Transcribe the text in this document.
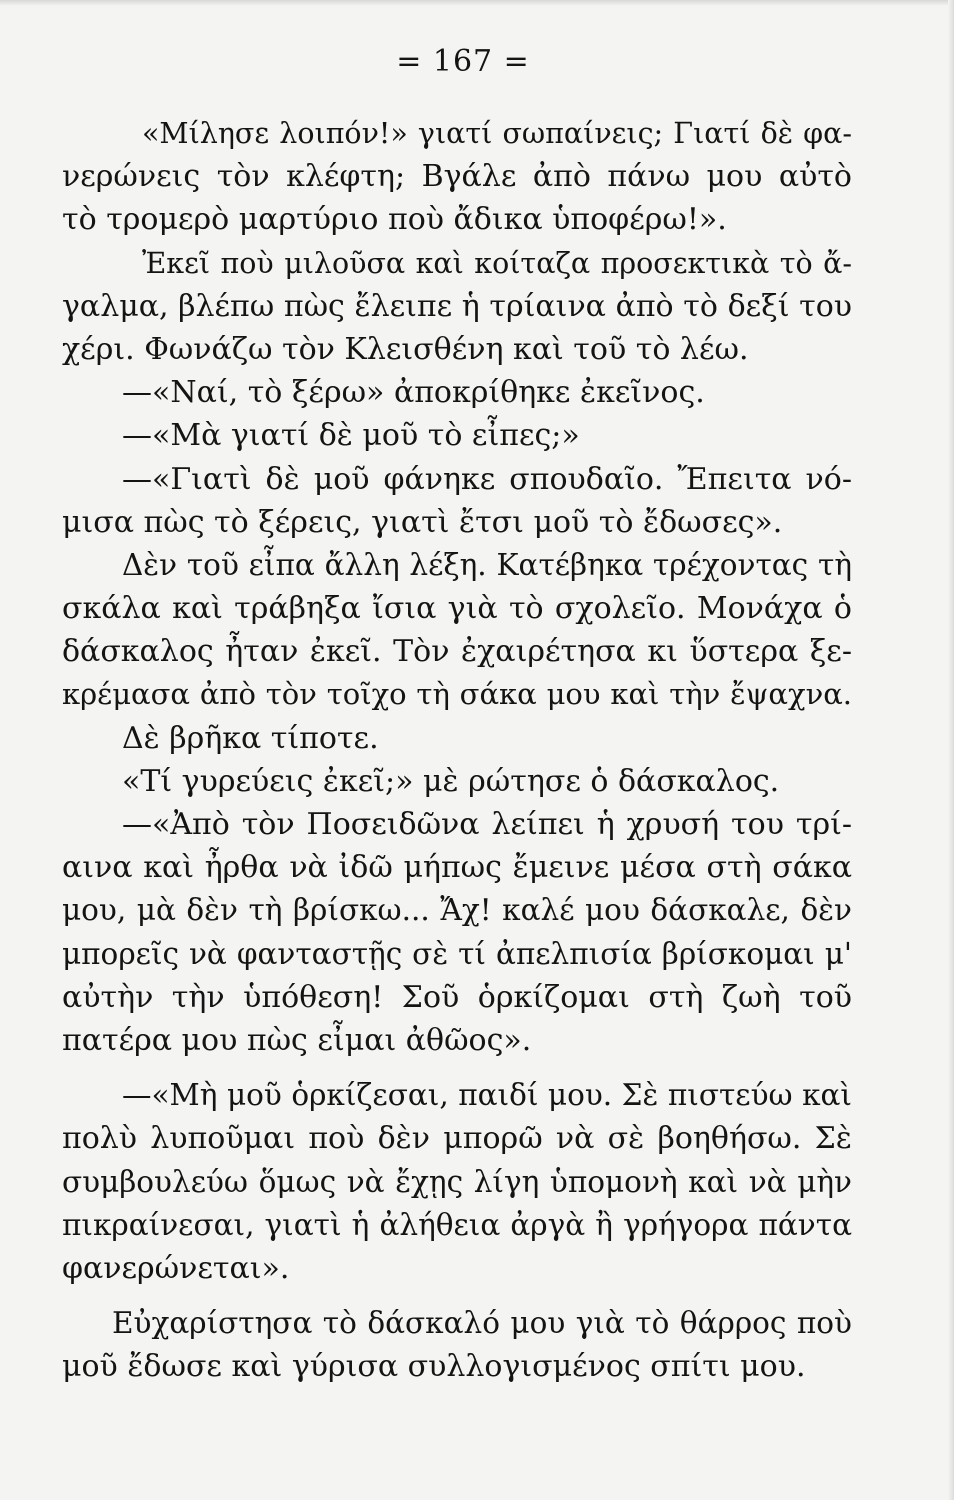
= 167 =
«Μίλησε λοιπόν!» γιατί σωπαίνεις; Γιατί δὲ φα-
νερώνεις τὸν κλέφτη; Βγάλε ἀπὸ πάνω μου αὐτὸ
τὸ τρομερὸ μαρτύριο ποὺ ἄδικα ὑποφέρω!».
Ἐκεῖ ποὺ μιλοῦσα καὶ κοίταζα προσεκτικὰ τὸ ἄ-
γαλμα, βλέπω πὼς ἔλειπε ἡ τρίαινα ἀπὸ τὸ δεξί του
χέρι. Φωνάζω τὸν Κλεισθένη καὶ τοῦ τὸ λέω.
—«Ναί, τὸ ξέρω» ἀποκρίθηκε ἐκεῖνος.
—«Μὰ γιατί δὲ μοῦ τὸ εἶπες;»
—«Γιατὶ δὲ μοῦ φάνηκε σπουδαῖο. Ἔπειτα νό-
μισα πὼς τὸ ξέρεις, γιατὶ ἔτσι μοῦ τὸ ἔδωσες».
Δὲν τοῦ εἶπα ἄλλη λέξη. Κατέβηκα τρέχοντας τὴ
σκάλα καὶ τράβηξα ἴσια γιὰ τὸ σχολεῖο. Μονάχα ὁ
δάσκαλος ἦταν ἐκεῖ. Τὸν ἐχαιρέτησα κι ὕστερα ξε-
κρέμασα ἀπὸ τὸν τοῖχο τὴ σάκα μου καὶ τὴν ἔψαχνα.
Δὲ βρῆκα τίποτε.
«Τί γυρεύεις ἐκεῖ;» μὲ ρώτησε ὁ δάσκαλος.
—«Ἀπὸ τὸν Ποσειδῶνα λείπει ἡ χρυσή του τρί-
αινα καὶ ἦρθα νὰ ἰδῶ μήπως ἔμεινε μέσα στὴ σάκα
μου, μὰ δὲν τὴ βρίσκω... Ἄχ! καλέ μου δάσκαλε, δὲν
μπορεῖς νὰ φανταστῇς σὲ τί ἀπελπισία βρίσκομαι μ'
αὐτὴν τὴν ὑπόθεση! Σοῦ ὁρκίζομαι στὴ ζωὴ τοῦ
πατέρα μου πὼς εἶμαι ἀθῶος».
—«Μὴ μοῦ ὁρκίζεσαι, παιδί μου. Σὲ πιστεύω καὶ
πολὺ λυποῦμαι ποὺ δὲν μπορῶ νὰ σὲ βοηθήσω. Σὲ
συμβουλεύω ὅμως νὰ ἔχῃς λίγη ὑπομονὴ καὶ νὰ μὴν
πικραίνεσαι, γιατὶ ἡ ἀλήθεια ἀργὰ ἢ γρήγορα πάντα
φανερώνεται».
Εὐχαρίστησα τὸ δάσκαλό μου γιὰ τὸ θάρρος ποὺ
μοῦ ἔδωσε καὶ γύρισα συλλογισμένος σπίτι μου.
